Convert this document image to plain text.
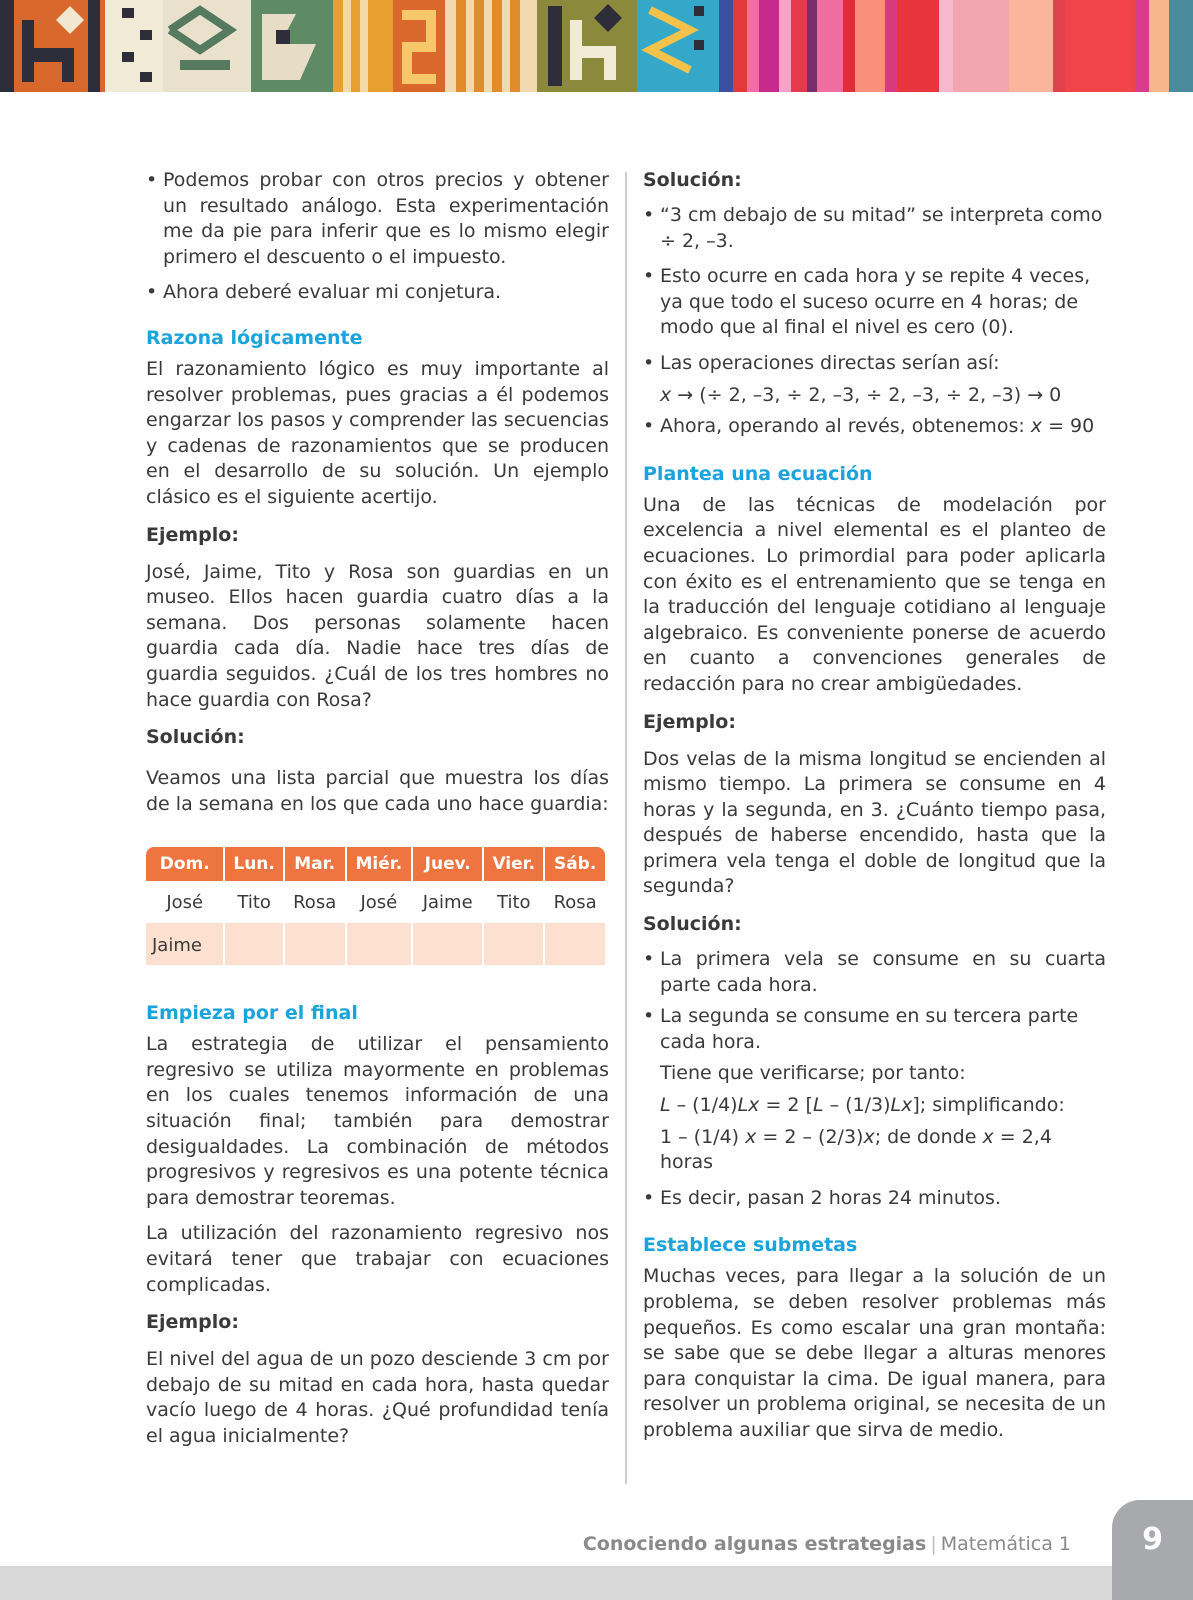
• Podemos probar con otros precios y obtener un resultado análogo. Esta experimentación me da pie para inferir que es lo mismo elegir primero el descuento o el impuesto.

• Ahora deberé evaluar mi conjetura.

Razona lógicamente

El razonamiento lógico es muy importante al resolver problemas, pues gracias a él podemos engarzar los pasos y comprender las secuencias y cadenas de razonamientos que se producen en el desarrollo de su solución. Un ejemplo clásico es el siguiente acertijo.

Ejemplo:

José, Jaime, Tito y Rosa son guardias en un museo. Ellos hacen guardia cuatro días a la semana. Dos personas solamente hacen guardia cada día. Nadie hace tres días de guardia seguidos. ¿Cuál de los tres hombres no hace guardia con Rosa?

Solución:

Veamos una lista parcial que muestra los días de la semana en los que cada uno hace guardia:

Dom.	Lun.	Mar.	Miér.	Juev.	Vier.	Sáb.
José	Tito	Rosa	José	Jaime	Tito	Rosa
Jaime						
Empieza por el final

La estrategia de utilizar el pensamiento regresivo se utiliza mayormente en problemas en los cuales tenemos información de una situación final; también para demostrar desigualdades. La combinación de métodos progresivos y regresivos es una potente técnica para demostrar teoremas.

La utilización del razonamiento regresivo nos evitará tener que trabajar con ecuaciones complicadas.

Ejemplo:

El nivel del agua de un pozo desciende 3 cm por debajo de su mitad en cada hora, hasta quedar vacío luego de 4 horas. ¿Qué profundidad tenía el agua inicialmente?

Solución:

• “3 cm debajo de su mitad” se interpreta como ÷ 2, –3.

• Esto ocurre en cada hora y se repite 4 veces, ya que todo el suceso ocurre en 4 horas; de modo que al final el nivel es cero (0).

• Las operaciones directas serían así:

x → (÷ 2, –3, ÷ 2, –3, ÷ 2, –3, ÷ 2, –3) → 0

• Ahora, operando al revés, obtenemos: x = 90

Plantea una ecuación

Una de las técnicas de modelación por excelencia a nivel elemental es el planteo de ecuaciones. Lo primordial para poder aplicarla con éxito es el entrenamiento que se tenga en la traducción del lenguaje cotidiano al lenguaje algebraico. Es conveniente ponerse de acuerdo en cuanto a convenciones generales de redacción para no crear ambigüedades.

Ejemplo:

Dos velas de la misma longitud se encienden al mismo tiempo. La primera se consume en 4 horas y la segunda, en 3. ¿Cuánto tiempo pasa, después de haberse encendido, hasta que la primera vela tenga el doble de longitud que la segunda?

Solución:

• La primera vela se consume en su cuarta parte cada hora.

• La segunda se consume en su tercera parte cada hora.

Tiene que verificarse; por tanto:

L – (1/4)Lx = 2 [L – (1/3)Lx]; simplificando:

1 – (1/4) x = 2 – (2/3)x; de donde x = 2,4 horas

• Es decir, pasan 2 horas 24 minutos.

Establece submetas

Muchas veces, para llegar a la solución de un problema, se deben resolver problemas más pequeños. Es como escalar una gran montaña: se sabe que se debe llegar a alturas menores para conquistar la cima. De igual manera, para resolver un problema original, se necesita de un problema auxiliar que sirva de medio.

9
Conociendo algunas estrategias | Matemática 1
